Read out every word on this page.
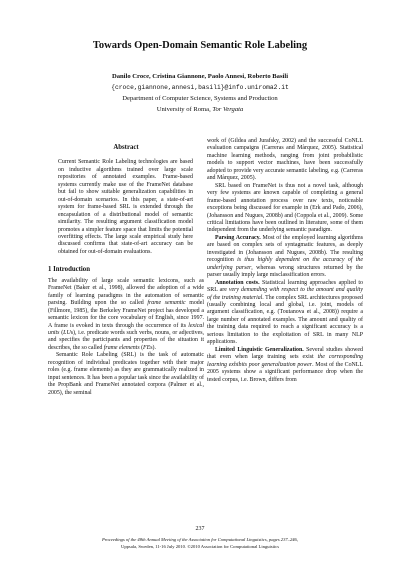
Towards Open-Domain Semantic Role Labeling
Danilo Croce, Cristina Giannone, Paolo Annesi, Roberto Basili
{croce,giannone,annesi,basili}@info.uniroma2.it
Department of Computer Science, Systems and Production
University of Roma, Tor Vergata
Abstract

Current Semantic Role Labeling technologies are based on inductive algorithms trained over large scale repositories of annotated examples. Frame-based systems currently make use of the FrameNet database but fail to show suitable generalization capabilities in out-of-domain scenarios. In this paper, a state-of-art system for frame-based SRL is extended through the encapsulation of a distributional model of semantic similarity. The resulting argument classification model promotes a simpler feature space that limits the potential overfitting effects. The large scale empirical study here discussed confirms that state-of-art accuracy can be obtained for out-of-domain evaluations.

1 Introduction

The availability of large scale semantic lexicons, such as FrameNet (Baker et al., 1998), allowed the adoption of a wide family of learning paradigms in the automation of semantic parsing. Building upon the so called frame semantic model (Fillmore, 1985), the Berkeley FrameNet project has developed a semantic lexicon for the core vocabulary of English, since 1997. A frame is evoked in texts through the occurrence of its lexical units (LUs), i.e. predicate words such verbs, nouns, or adjectives, and specifies the participants and properties of the situation it describes, the so called frame elements (FEs).

Semantic Role Labeling (SRL) is the task of automatic recognition of individual predicates together with their major roles (e.g. frame elements) as they are grammatically realized in input sentences. It has been a popular task since the availability of the PropBank and FrameNet annotated corpora (Palmer et al., 2005), the seminal

work of (Gildea and Jurafsky, 2002) and the successful CoNLL evaluation campaigns (Carreras and Màrquez, 2005). Statistical machine learning methods, ranging from joint probabilistic models to support vector machines, have been successfully adopted to provide very accurate semantic labeling, e.g. (Carreras and Màrquez, 2005).

SRL based on FrameNet is thus not a novel task, although very few systems are known capable of completing a general frame-based annotation process over raw texts, noticeable exceptions being discussed for example in (Erk and Pado, 2006), (Johansson and Nugues, 2008b) and (Coppola et al., 2009). Some critical limitations have been outlined in literature, some of them independent from the underlying semantic paradigm.

Parsing Accuracy. Most of the employed learning algorithms are based on complex sets of syntagmatic features, as deeply investigated in (Johansson and Nugues, 2008b). The resulting recognition is thus highly dependent on the accuracy of the underlying parser, whereas wrong structures returned by the parser usually imply large misclassification errors.

Annotation costs. Statistical learning approaches applied to SRL are very demanding with respect to the amount and quality of the training material. The complex SRL architectures proposed (usually combining local and global, i.e. joint, models of argument classification, e.g. (Toutanova et al., 2008)) require a large number of annotated examples. The amount and quality of the training data required to reach a significant accuracy is a serious limitation to the exploitation of SRL in many NLP applications.

Limited Linguistic Generalization. Several studies showed that even when large training sets exist the corresponding learning exhibits poor generalization power. Most of the CoNLL 2005 systems show a significant performance drop when the tested corpus, i.e. Brown, differs from

237
Proceedings of the 48th Annual Meeting of the Association for Computational Linguistics, pages 237–246,
Uppsala, Sweden, 11-16 July 2010. ©2010 Association for Computational Linguistics
